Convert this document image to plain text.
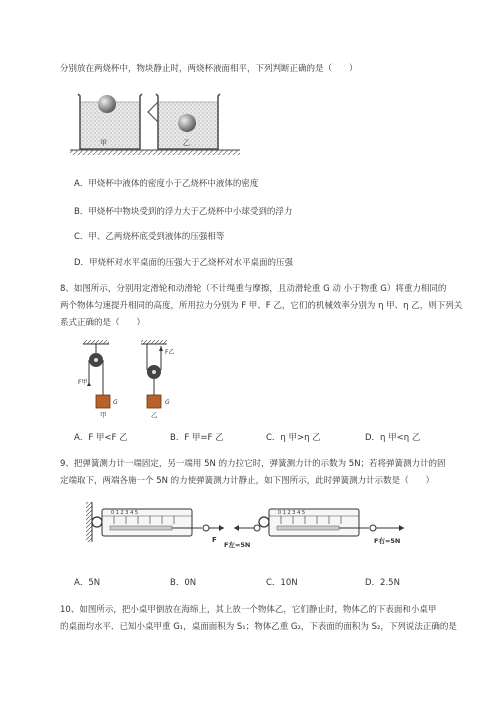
分别放在两烧杯中，物块静止时，两烧杯液面相平，下列判断正确的是（　　）
甲	乙
A．甲烧杯中液体的密度小于乙烧杯中液体的密度
B．甲烧杯中物块受到的浮力大于乙烧杯中小球受到的浮力
C．甲、乙两烧杯底受到液体的压强相等
D．甲烧杯对水平桌面的压强大于乙烧杯对水平桌面的压强
8、如图所示，分别用定滑轮和动滑轮（不计绳重与摩擦，且动滑轮重 G 动 小于物重 G）将重力相同的
两个物体匀速提升相同的高度，所用拉力分别为 F 甲、F 乙，它们的机械效率分别为 η 甲、η 乙，则下列关
系式正确的是（　　）
F甲
G
甲
F乙
G
乙
A．F 甲<F 乙	B．F 甲=F 乙	C．η 甲>η 乙	D．η 甲<η 乙
9、把弹簧测力计一端固定，另一端用 5N 的力拉它时，弹簧测力计的示数为 5N；若将弹簧测力计的固
定端取下，两端各施一个 5N 的力使弹簧测力计静止，如下图所示，此时弹簧测力计示数是（　　）
0 1 2 3 4 5
F
0 1 2 3 4 5
F左=5N	F右=5N
A．5N	B．0N	C．10N	D．2.5N
10、如图所示，把小桌甲倒放在海绵上，其上放一个物体乙，它们静止时，物体乙的下表面和小桌甲
的桌面均水平．已知小桌甲重 G₁，桌面面积为 S₁；物体乙重 G₂，下表面的面积为 S₂，下列说法正确的是
